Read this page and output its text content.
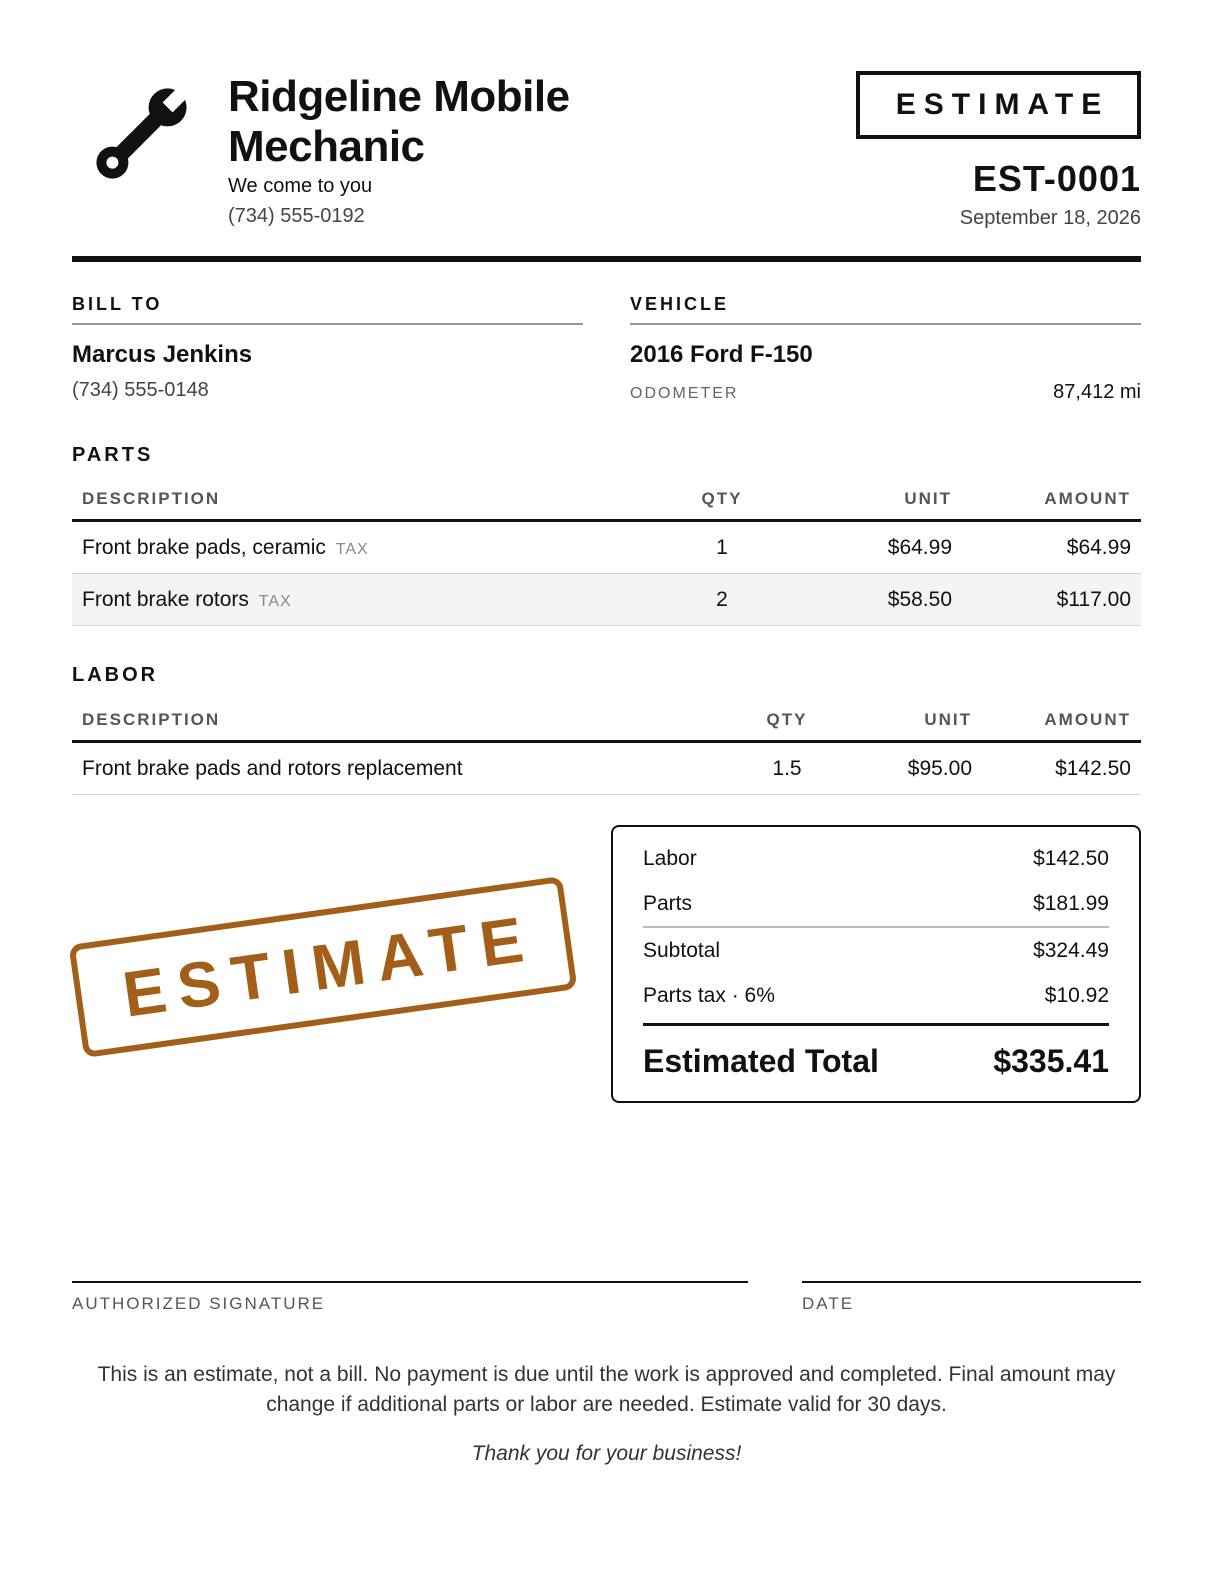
Ridgeline Mobile Mechanic
We come to you
(734) 555-0192
ESTIMATE
EST-0001
September 18, 2026
BILL TO
Marcus Jenkins
(734) 555-0148
VEHICLE
2016 Ford F-150
ODOMETER	87,412 mi
PARTS
DESCRIPTION	QTY	UNIT	AMOUNT
Front brake pads, ceramic TAX	1	$64.99	$64.99
Front brake rotors TAX	2	$58.50	$117.00
LABOR
DESCRIPTION	QTY	UNIT	AMOUNT
Front brake pads and rotors replacement	1.5	$95.00	$142.50
ESTIMATE
Labor	$142.50
Parts	$181.99
Subtotal	$324.49
Parts tax · 6%	$10.92
Estimated Total	$335.41
AUTHORIZED SIGNATURE	DATE
This is an estimate, not a bill. No payment is due until the work is approved and completed. Final amount may change if additional parts or labor are needed. Estimate valid for 30 days.
Thank you for your business!
